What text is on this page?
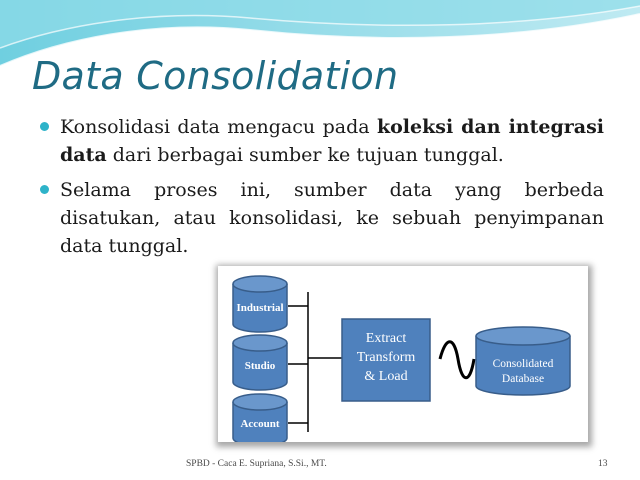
Data Consolidation
Konsolidasi data mengacu pada koleksi dan integrasi data dari berbagai sumber ke tujuan tunggal.
Selama proses ini, sumber data yang berbeda disatukan, atau konsolidasi, ke sebuah penyimpanan data tunggal.
Industrial
Studio
Account
Extract
Transform
& Load
Consolidated
Database
SPBD - Caca E. Supriana, S.Si., MT.	13
